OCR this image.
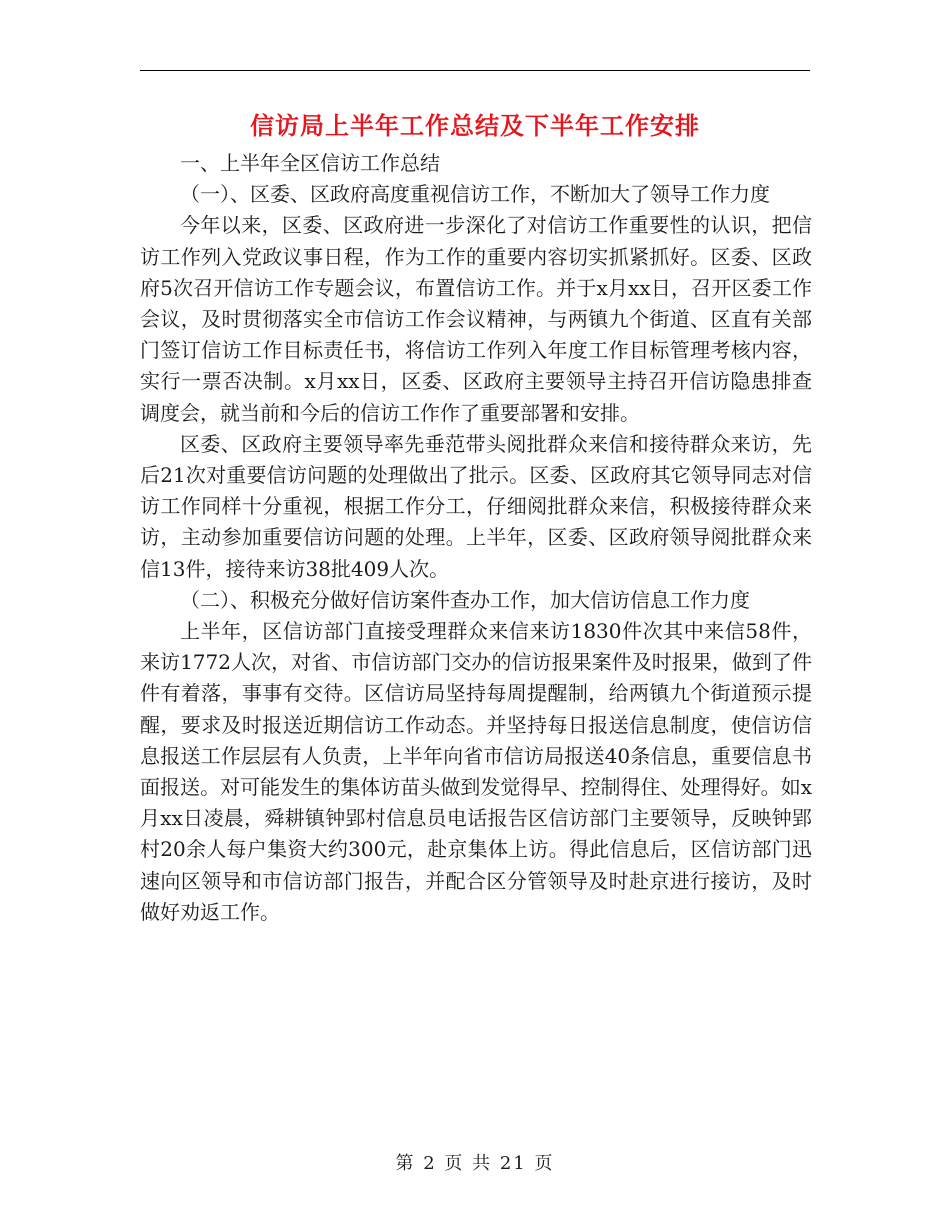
信访局上半年工作总结及下半年工作安排

一、上半年全区信访工作总结

（一）、区委、区政府高度重视信访工作，不断加大了领导工作力度

今年以来，区委、区政府进一步深化了对信访工作重要性的认识，把信访工作列入党政议事日程，作为工作的重要内容切实抓紧抓好。区委、区政府5次召开信访工作专题会议，布置信访工作。并于x月xx日，召开区委工作会议，及时贯彻落实全市信访工作会议精神，与两镇九个街道、区直有关部门签订信访工作目标责任书，将信访工作列入年度工作目标管理考核内容，实行一票否决制。x月xx日，区委、区政府主要领导主持召开信访隐患排查调度会，就当前和今后的信访工作作了重要部署和安排。

区委、区政府主要领导率先垂范带头阅批群众来信和接待群众来访，先后21次对重要信访问题的处理做出了批示。区委、区政府其它领导同志对信访工作同样十分重视，根据工作分工，仔细阅批群众来信，积极接待群众来访，主动参加重要信访问题的处理。上半年，区委、区政府领导阅批群众来信13件，接待来访38批409人次。

（二）、积极充分做好信访案件查办工作，加大信访信息工作力度

上半年，区信访部门直接受理群众来信来访1830件次其中来信58件，来访1772人次，对省、市信访部门交办的信访报果案件及时报果，做到了件件有着落，事事有交待。区信访局坚持每周提醒制，给两镇九个街道预示提醒，要求及时报送近期信访工作动态。并坚持每日报送信息制度，使信访信息报送工作层层有人负责，上半年向省市信访局报送40条信息，重要信息书面报送。对可能发生的集体访苗头做到发觉得早、控制得住、处理得好。如x月xx日凌晨，舜耕镇钟郢村信息员电话报告区信访部门主要领导，反映钟郢村20余人每户集资大约300元，赴京集体上访。得此信息后，区信访部门迅速向区领导和市信访部门报告，并配合区分管领导及时赴京进行接访，及时做好劝返工作。

第 2 页 共 21 页
